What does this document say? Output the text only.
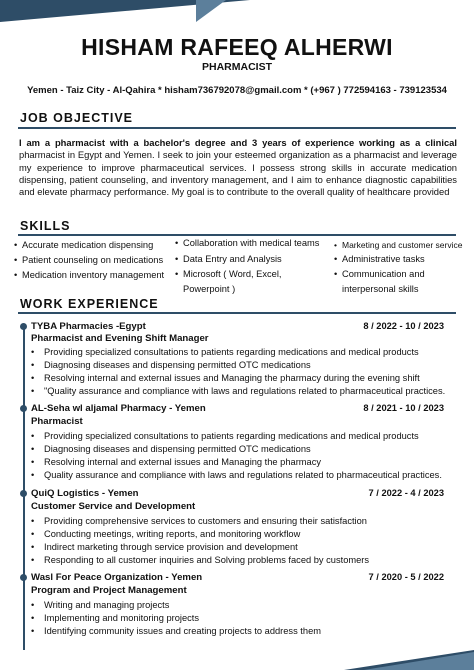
HISHAM RAFEEQ ALHERWI
PHARMACIST
Yemen - Taiz City - Al-Qahira * hisham736792078@gmail.com * (+967 ) 772594163 - 739123534
JOB OBJECTIVE
I am a pharmacist with a bachelor's degree and 3 years of experience working as a clinical pharmacist in Egypt and Yemen. I seek to join your esteemed organization as a pharmacist and leverage my experience to improve pharmaceutical services. I possess strong skills in accurate medication dispensing, patient counseling, and inventory management, and I aim to enhance diagnostic capabilities and elevate pharmacy performance. My goal is to contribute to the overall quality of healthcare provided
SKILLS
• Accurate medication dispensing
• Patient counseling on medications
• Medication inventory management
• Collaboration with medical teams
• Data Entry and Analysis
• Microsoft ( Word, Excel,
Powerpoint )
• Marketing and customer service
• Administrative tasks
• Communication and
interpersonal skills
WORK EXPERIENCE
TYBA Pharmacies -Egypt	8 / 2022 - 10 / 2023
Pharmacist and Evening Shift Manager
• Providing specialized consultations to patients regarding medications and medical products
• Diagnosing diseases and dispensing permitted OTC medications
• Resolving internal and external issues and Managing the pharmacy during the evening shift
• "Quality assurance and compliance with laws and regulations related to pharmaceutical practices.
AL-Seha wl aljamal Pharmacy - Yemen	8 / 2021 - 10 / 2023
Pharmacist
• Providing specialized consultations to patients regarding medications and medical products
• Diagnosing diseases and dispensing permitted OTC medications
• Resolving internal and external issues and Managing the pharmacy
• Quality assurance and compliance with laws and regulations related to pharmaceutical practices.
QuiQ Logistics - Yemen	7 / 2022 - 4 / 2023
Customer Service and Development
• Providing comprehensive services to customers and ensuring their satisfaction
• Conducting meetings, writing reports, and monitoring workflow
• Indirect marketing through service provision and development
• Responding to all customer inquiries and Solving problems faced by customers
Wasl For Peace Organization - Yemen	7 / 2020 - 5 / 2022
Program and Project Management
• Writing and managing projects
• Implementing and monitoring projects
• Identifying community issues and creating projects to address them
